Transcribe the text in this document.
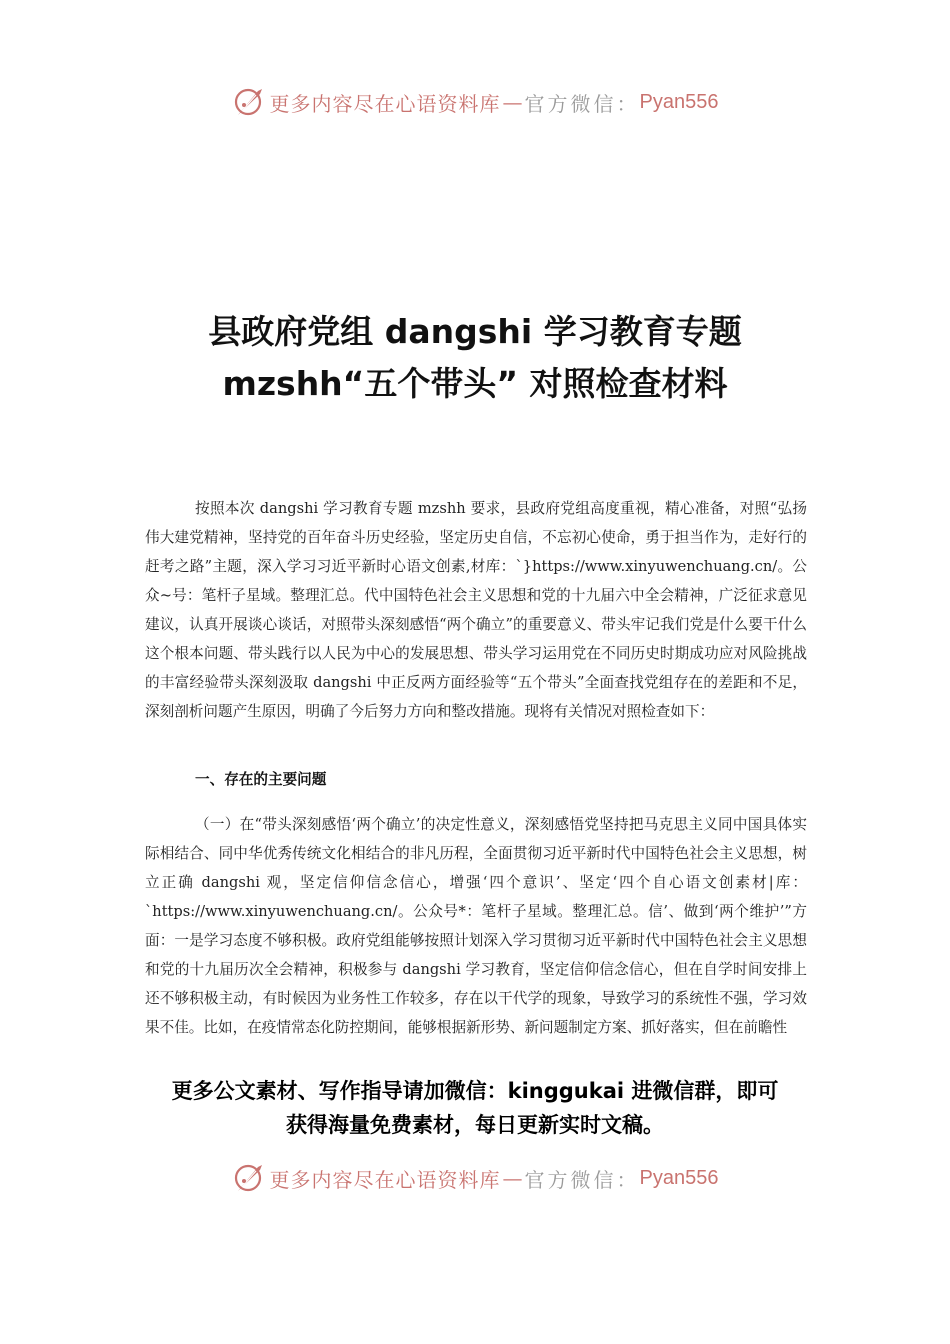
更多内容尽在心语资料库 — 官方微信： Pyan556
县政府党组 dangshi 学习教育专题
mzshh“五个带头” 对照检查材料

按照本次 dangshi 学习教育专题 mzshh 要求，县政府党组高度重视，精心准备，对照“弘扬伟大建党精神，坚持党的百年奋斗历史经验，坚定历史自信，不忘初心使命，勇于担当作为，走好行的赶考之路”主题，深入学习习近平新时心语文创素,材库：`}https://www.xinyuwenchuang.cn/。公众~号：笔杆子星域。整理汇总。代中国特色社会主义思想和党的十九届六中全会精神，广泛征求意见建议，认真开展谈心谈话，对照带头深刻感悟“两个确立”的重要意义、带头牢记我们党是什么要干什么这个根本问题、带头践行以人民为中心的发展思想、带头学习运用党在不同历史时期成功应对风险挑战的丰富经验带头深刻汲取 dangshi 中正反两方面经验等“五个带头”全面查找党组存在的差距和不足，深刻剖析问题产生原因，明确了今后努力方向和整改措施。现将有关情况对照检查如下：

一、存在的主要问题

（一）在“带头深刻感悟‘两个确立’的决定性意义，深刻感悟党坚持把马克思主义同中国具体实际相结合、同中华优秀传统文化相结合的非凡历程，全面贯彻习近平新时代中国特色社会主义思想，树立正确 dangshi 观，坚定信仰信念信心，增强‘四个意识’、坚定‘四个自心语文创素材|库：`https://www.xinyuwenchuang.cn/。公众号*：笔杆子星域。整理汇总。信’、做到‘两个维护’”方面：一是学习态度不够积极。政府党组能够按照计划深入学习贯彻习近平新时代中国特色社会主义思想和党的十九届历次全会精神，积极参与 dangshi 学习教育，坚定信仰信念信心，但在自学时间安排上还不够积极主动，有时候因为业务性工作较多，存在以干代学的现象，导致学习的系统性不强，学习效果不佳。比如，在疫情常态化防控期间，能够根据新形势、新问题制定方案、抓好落实，但在前瞻性

更多公文素材、写作指导请加微信：kinggukai 进微信群，即可

获得海量免费素材，每日更新实时文稿。

更多内容尽在心语资料库 — 官方微信： Pyan556
